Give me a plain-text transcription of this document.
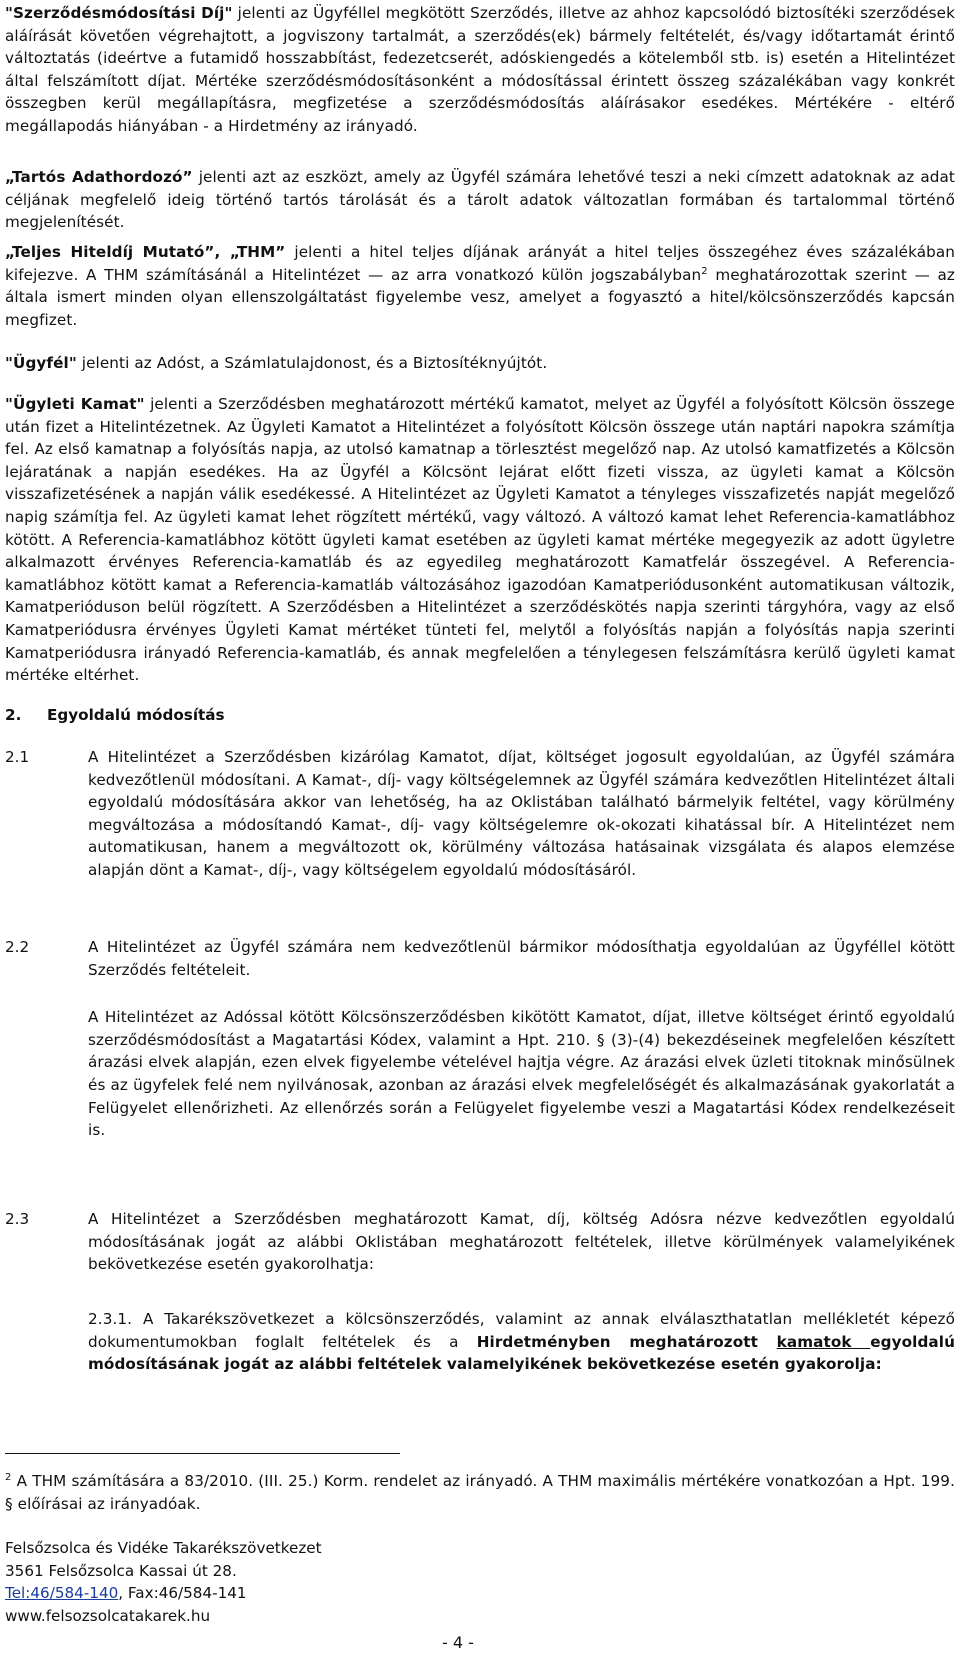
"Szerződésmódosítási Díj" jelenti az Ügyféllel megkötött Szerződés, illetve az ahhoz kapcsolódó biztosítéki szerződések aláírását követően végrehajtott, a jogviszony tartalmát, a szerződés(ek) bármely feltételét, és/vagy időtartamát érintő változtatás (ideértve a futamidő hosszabbítást, fedezetcserét, adóskiengedés a kötelemből stb. is) esetén a Hitelintézet által felszámított díjat. Mértéke szerződésmódosításonként a módosítással érintett összeg százalékában vagy konkrét összegben kerül megállapításra, megfizetése a szerződésmódosítás aláírásakor esedékes. Mértékére - eltérő megállapodás hiányában - a Hirdetmény az irányadó.

„Tartós Adathordozó” jelenti azt az eszközt, amely az Ügyfél számára lehetővé teszi a neki címzett adatoknak az adat céljának megfelelő ideig történő tartós tárolását és a tárolt adatok változatlan formában és tartalommal történő megjelenítését.

„Teljes Hiteldíj Mutató”, „THM” jelenti a hitel teljes díjának arányát a hitel teljes összegéhez éves százalékában kifejezve. A THM számításánál a Hitelintézet — az arra vonatkozó külön jogszabályban$^2$ meghatározottak szerint — az általa ismert minden olyan ellenszolgáltatást figyelembe vesz, amelyet a fogyasztó a hitel/kölcsönszerződés kapcsán megfizet.

"Ügyfél" jelenti az Adóst, a Számlatulajdonost, és a Biztosítéknyújtót.

"Ügyleti Kamat" jelenti a Szerződésben meghatározott mértékű kamatot, melyet az Ügyfél a folyósított Kölcsön összege után fizet a Hitelintézetnek. Az Ügyleti Kamatot a Hitelintézet a folyósított Kölcsön összege után naptári napokra számítja fel. Az első kamatnap a folyósítás napja, az utolsó kamatnap a törlesztést megelőző nap. Az utolsó kamatfizetés a Kölcsön lejáratának a napján esedékes. Ha az Ügyfél a Kölcsönt lejárat előtt fizeti vissza, az ügyleti kamat a Kölcsön visszafizetésének a napján válik esedékessé. A Hitelintézet az Ügyleti Kamatot a tényleges visszafizetés napját megelőző napig számítja fel. Az ügyleti kamat lehet rögzített mértékű, vagy változó. A változó kamat lehet Referencia-kamatlábhoz kötött. A Referencia-kamatlábhoz kötött ügyleti kamat esetében az ügyleti kamat mértéke megegyezik az adott ügyletre alkalmazott érvényes Referencia-kamatláb és az egyedileg meghatározott Kamatfelár összegével. A Referencia-kamatlábhoz kötött kamat a Referencia-kamatláb változásához igazodóan Kamatperiódusonként automatikusan változik, Kamatperióduson belül rögzített. A Szerződésben a Hitelintézet a szerződéskötés napja szerinti tárgyhóra, vagy az első Kamatperiódusra érvényes Ügyleti Kamat mértéket tünteti fel, melytől a folyósítás napján a folyósítás napja szerinti Kamatperiódusra irányadó Referencia-kamatláb, és annak megfelelően a ténylegesen felszámításra kerülő ügyleti kamat mértéke eltérhet.

2.	Egyoldalú módosítás
2.1	A Hitelintézet a Szerződésben kizárólag Kamatot, díjat, költséget jogosult egyoldalúan, az Ügyfél számára kedvezőtlenül módosítani. A Kamat-, díj- vagy költségelemnek az Ügyfél számára kedvezőtlen Hitelintézet általi egyoldalú módosítására akkor van lehetőség, ha az Oklistában található bármelyik feltétel, vagy körülmény megváltozása a módosítandó Kamat-, díj- vagy költségelemre ok-okozati kihatással bír. A Hitelintézet nem automatikusan, hanem a megváltozott ok, körülmény változása hatásainak vizsgálata és alapos elemzése alapján dönt a Kamat-, díj-, vagy költségelem egyoldalú módosításáról.

2.2	A Hitelintézet az Ügyfél számára nem kedvezőtlenül bármikor módosíthatja egyoldalúan az Ügyféllel kötött Szerződés feltételeit.

A Hitelintézet az Adóssal kötött Kölcsönszerződésben kikötött Kamatot, díjat, illetve költséget érintő egyoldalú szerződésmódosítást a Magatartási Kódex, valamint a Hpt. 210. § (3)-(4) bekezdéseinek megfelelően készített árazási elvek alapján, ezen elvek figyelembe vételével hajtja végre. Az árazási elvek üzleti titoknak minősülnek és az ügyfelek felé nem nyilvánosak, azonban az árazási elvek megfelelőségét és alkalmazásának gyakorlatát a Felügyelet ellenőrizheti. Az ellenőrzés során a Felügyelet figyelembe veszi a Magatartási Kódex rendelkezéseit is.

2.3	A Hitelintézet a Szerződésben meghatározott Kamat, díj, költség Adósra nézve kedvezőtlen egyoldalú módosításának jogát az alábbi Oklistában meghatározott feltételek, illetve körülmények valamelyikének bekövetkezése esetén gyakorolhatja:

2.3.1. A Takarékszövetkezet a kölcsönszerződés, valamint az annak elválaszthatatlan mellékletét képező dokumentumokban foglalt feltételek és a Hirdetményben meghatározott kamatok egyoldalú módosításának jogát az alábbi feltételek valamelyikének bekövetkezése esetén gyakorolja:

$^2$ A THM számítására a 83/2010. (III. 25.) Korm. rendelet az irányadó. A THM maximális mértékére vonatkozóan a Hpt. 199. § előírásai az irányadóak.

Felsőzsolca és Vidéke Takarékszövetkezet

3561 Felsőzsolca Kassai út 28.

Tel:46/584-140, Fax:46/584-141

www.felsozsolcatakarek.hu

- 4 -
